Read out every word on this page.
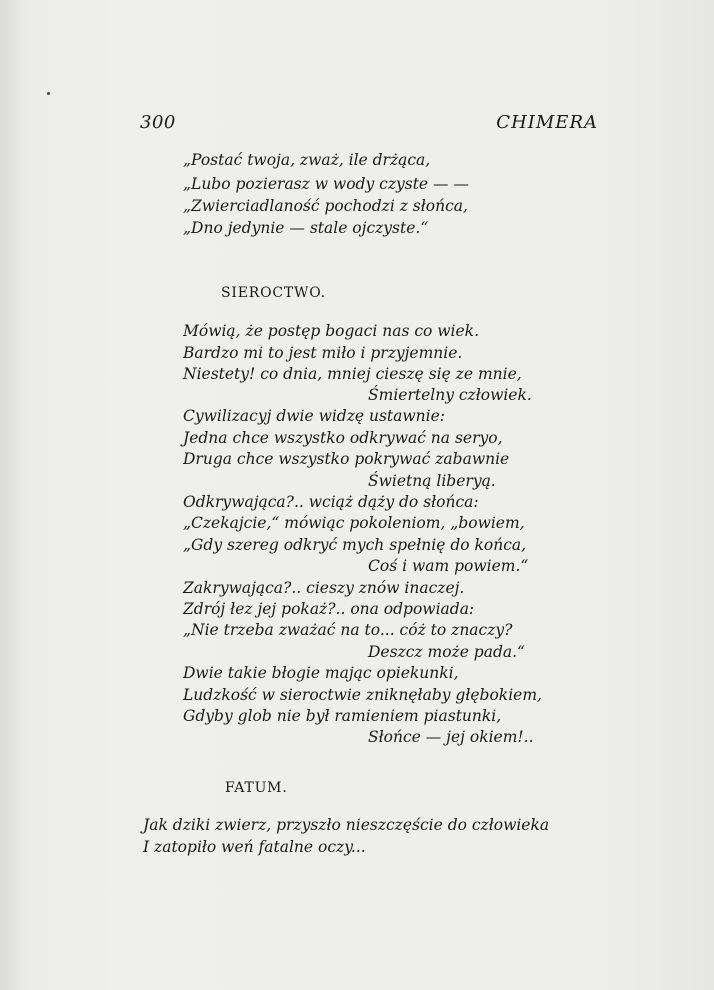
300	CHIMERA
„Postać twoja, zważ, ile drżąca,
„Lubo pozierasz w wody czyste — —
„Zwierciadlaność pochodzi z słońca,
„Dno jedynie — stale ojczyste.“
SIEROCTWO.
Mówią, że postęp bogaci nas co wiek.
Bardzo mi to jest miło i przyjemnie.
Niestety! co dnia, mniej cieszę się ze mnie,
Śmiertelny człowiek.
Cywilizacyj dwie widzę ustawnie:
Jedna chce wszystko odkrywać na seryo,
Druga chce wszystko pokrywać zabawnie
Świetną liberyą.
Odkrywająca?.. wciąż dąży do słońca:
„Czekajcie,“ mówiąc pokoleniom, „bowiem,
„Gdy szereg odkryć mych spełnię do końca,
Coś i wam powiem.“
Zakrywająca?.. cieszy znów inaczej.
Zdrój łez jej pokaż?.. ona odpowiada:
„Nie trzeba zważać na to... cóż to znaczy?
Deszcz może pada.“
Dwie takie błogie mając opiekunki,
Ludzkość w sieroctwie zniknęłaby głębokiem,
Gdyby glob nie był ramieniem piastunki,
Słońce — jej okiem!..
FATUM.
Jak dziki zwierz, przyszło nieszczęście do człowieka
I zatopiło weń fatalne oczy...
